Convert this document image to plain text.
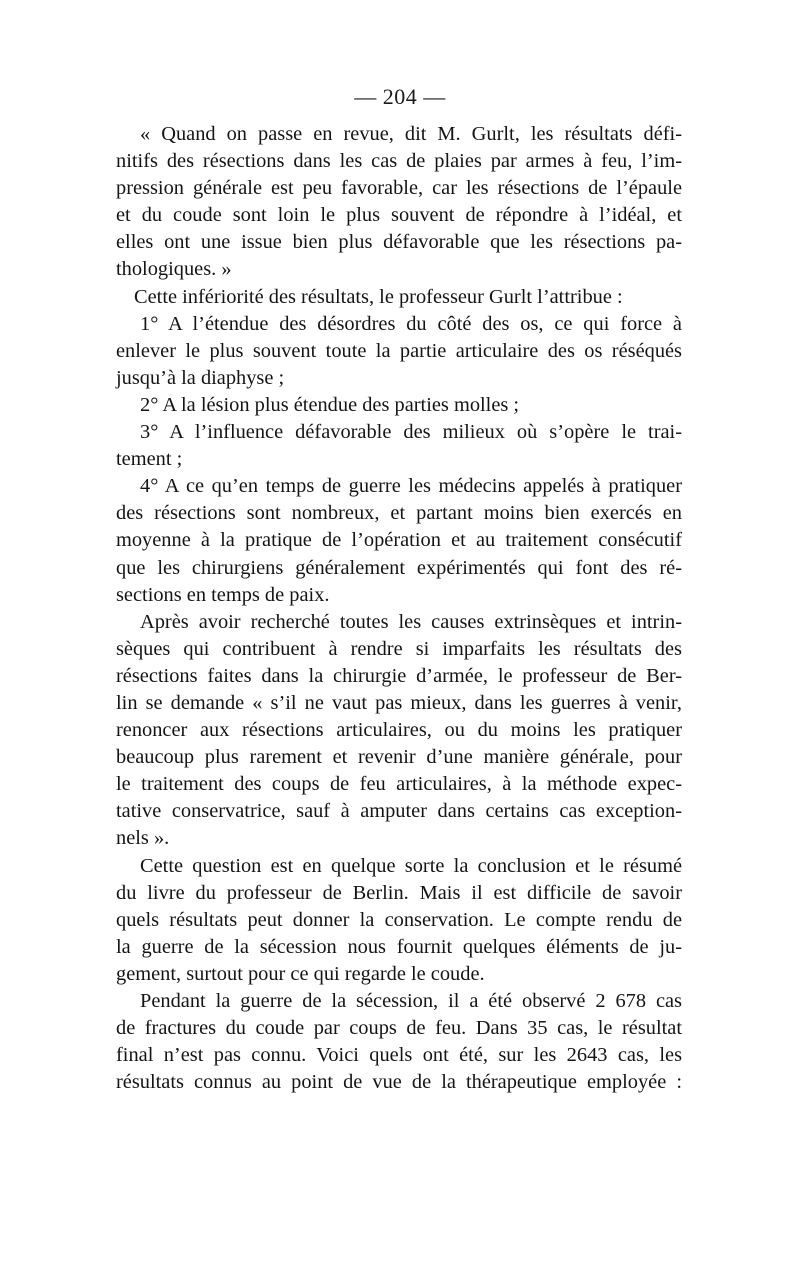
— 204 —
« Quand on passe en revue, dit M. Gurlt, les résultats défi-
nitifs des résections dans les cas de plaies par armes à feu, l’im-
pression générale est peu favorable, car les résections de l’épaule
et du coude sont loin le plus souvent de répondre à l’idéal, et
elles ont une issue bien plus défavorable que les résections pa-
thologiques. »
Cette infériorité des résultats, le professeur Gurlt l’attribue :
1° A l’étendue des désordres du côté des os, ce qui force à
enlever le plus souvent toute la partie articulaire des os réséqués
jusqu’à la diaphyse ;
2° A la lésion plus étendue des parties molles ;
3° A l’influence défavorable des milieux où s’opère le trai-
tement ;
4° A ce qu’en temps de guerre les médecins appelés à pratiquer
des résections sont nombreux, et partant moins bien exercés en
moyenne à la pratique de l’opération et au traitement consécutif
que les chirurgiens généralement expérimentés qui font des ré-
sections en temps de paix.
Après avoir recherché toutes les causes extrinsèques et intrin-
sèques qui contribuent à rendre si imparfaits les résultats des
résections faites dans la chirurgie d’armée, le professeur de Ber-
lin se demande « s’il ne vaut pas mieux, dans les guerres à venir,
renoncer aux résections articulaires, ou du moins les pratiquer
beaucoup plus rarement et revenir d’une manière générale, pour
le traitement des coups de feu articulaires, à la méthode expec-
tative conservatrice, sauf à amputer dans certains cas exception-
nels ».
Cette question est en quelque sorte la conclusion et le résumé
du livre du professeur de Berlin. Mais il est difficile de savoir
quels résultats peut donner la conservation. Le compte rendu de
la guerre de la sécession nous fournit quelques éléments de ju-
gement, surtout pour ce qui regarde le coude.
Pendant la guerre de la sécession, il a été observé 2 678 cas
de fractures du coude par coups de feu. Dans 35 cas, le résultat
final n’est pas connu. Voici quels ont été, sur les 2643 cas, les
résultats connus au point de vue de la thérapeutique employée :
